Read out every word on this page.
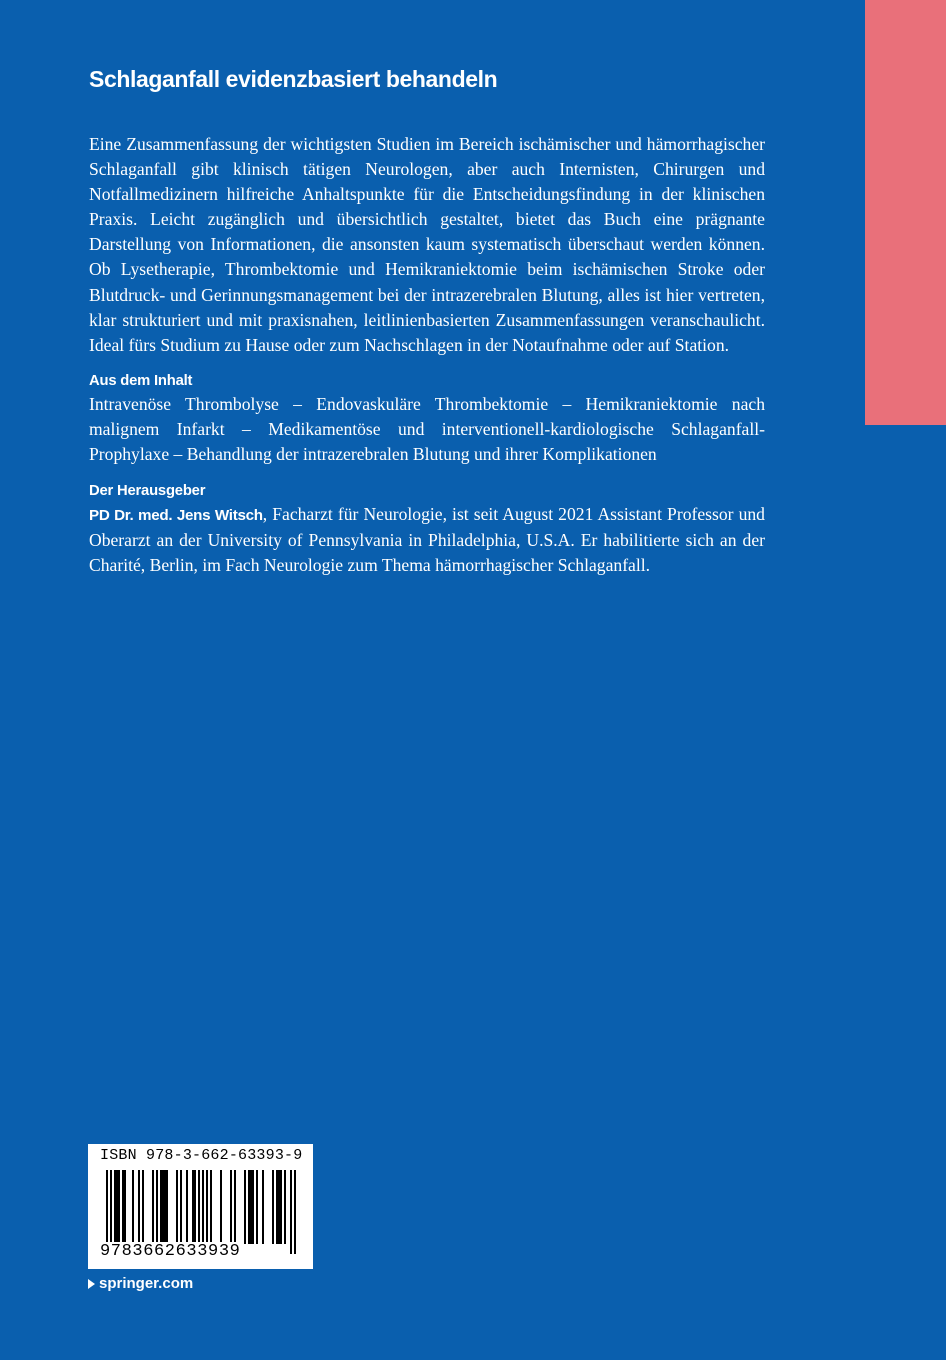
Schlaganfall evidenzbasiert behandeln

Eine Zusammenfassung der wichtigsten Studien im Bereich ischämischer und hämorrhagischer Schlaganfall gibt klinisch tätigen Neurologen, aber auch Internisten, Chirurgen und Notfallmedizinern hilfreiche Anhaltspunkte für die Entscheidungsfindung in der klinischen Praxis. Leicht zugänglich und übersichtlich gestaltet, bietet das Buch eine prägnante Darstellung von Informationen, die ansonsten kaum systematisch überschaut werden können. Ob Lysetherapie, Thrombektomie und Hemikraniektomie beim ischämischen Stroke oder Blutdruck- und Gerinnungsmanagement bei der intrazerebralen Blutung, alles ist hier vertreten, klar strukturiert und mit praxisnahen, leitlinienbasierten Zusammenfassungen veranschaulicht. Ideal fürs Studium zu Hause oder zum Nachschlagen in der Notaufnahme oder auf Station.

Aus dem Inhalt

Intravenöse Thrombolyse – Endovaskuläre Thrombektomie – Hemikraniektomie nach malignem Infarkt – Medikamentöse und interventionell-kardiologische Schlaganfall-Prophylaxe – Behandlung der intrazerebralen Blutung und ihrer Komplikationen

Der Herausgeber

PD Dr. med. Jens Witsch, Facharzt für Neurologie, ist seit August 2021 Assistant Professor und Oberarzt an der University of Pennsylvania in Philadelphia, U.S.A. Er habilitierte sich an der Charité, Berlin, im Fach Neurologie zum Thema hämorrhagischer Schlaganfall.

ISBN 978-3-662-63393-9
9783662633939
springer.com
